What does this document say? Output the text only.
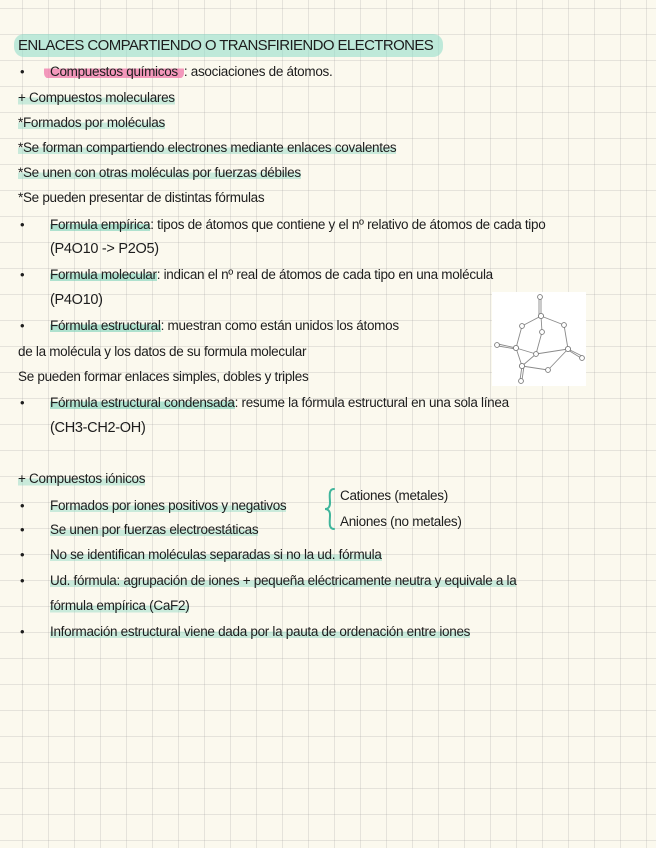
ENLACES COMPARTIENDO O TRANSFIRIENDO ELECTRONES
• Compuestos químicos : asociaciones de átomos.
+ Compuestos moleculares
*Formados por moléculas
*Se forman compartiendo electrones mediante enlaces covalentes
*Se unen con otras moléculas por fuerzas débiles
*Se pueden presentar de distintas fórmulas
• Formula empírica: tipos de átomos que contiene y el nº relativo de átomos de cada tipo
(P4O10 -> P2O5)
• Formula molecular: indican el nº real de átomos de cada tipo en una molécula
(P4O10)
• Fórmula estructural: muestran como están unidos los átomos
de la molécula y los datos de su formula molecular
Se pueden formar enlaces simples, dobles y triples
• Fórmula estructural condensada: resume la fórmula estructural en una sola línea
(CH3-CH2-OH)
+ Compuestos iónicos
• Formados por iones positivos y negativos
• Se unen por fuerzas electroestáticas
Cationes (metales)
Aniones (no metales)
• No se identifican moléculas separadas si no la ud. fórmula
• Ud. fórmula: agrupación de iones + pequeña eléctricamente neutra y equivale a la
fórmula empírica (CaF2)
• Información estructural viene dada por la pauta de ordenación entre iones
